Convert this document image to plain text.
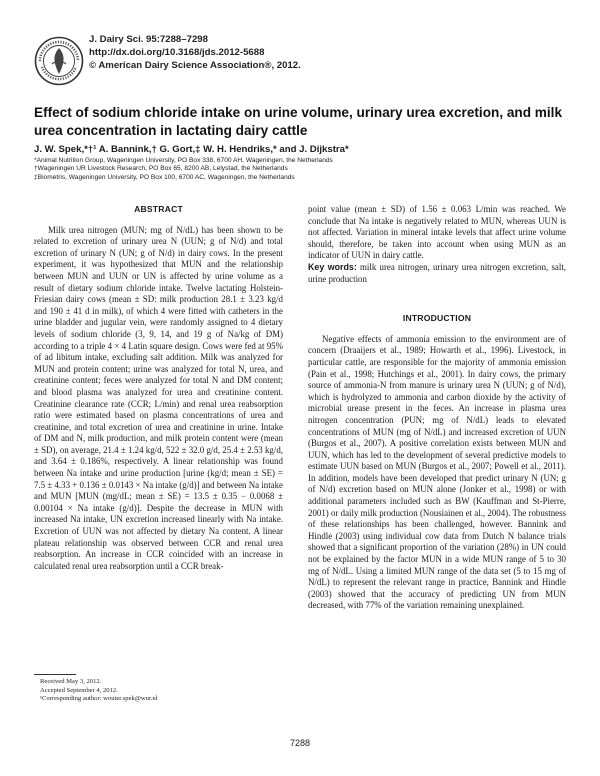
J. Dairy Sci. 95:7288–7298
http://dx.doi.org/10.3168/jds.2012-5688
© American Dairy Science Association®, 2012.
Effect of sodium chloride intake on urine volume, urinary urea excretion, and milk urea concentration in lactating dairy cattle
J. W. Spek,*†¹ A. Bannink,† G. Gort,‡ W. H. Hendriks,* and J. Dijkstra*
*Animal Nutrition Group, Wageningen University, PO Box 338, 6700 AH, Wageningen, the Netherlands
†Wageningen UR Livestock Research, PO Box 65, 8200 AB, Lelystad, the Netherlands
‡Biometris, Wageningen University, PO Box 100, 6700 AC, Wageningen, the Netherlands
ABSTRACT

Milk urea nitrogen (MUN; mg of N/dL) has been shown to be related to excretion of urinary urea N (UUN; g of N/d) and total excretion of urinary N (UN; g of N/d) in dairy cows. In the present experiment, it was hypothesized that MUN and the relationship between MUN and UUN or UN is affected by urine volume as a result of dietary sodium chloride intake. Twelve lactating Holstein-Friesian dairy cows (mean ± SD: milk production 28.1 ± 3.23 kg/d and 190 ± 41 d in milk), of which 4 were fitted with catheters in the urine bladder and jugular vein, were randomly assigned to 4 dietary levels of sodium chloride (3, 9, 14, and 19 g of Na/kg of DM) according to a triple 4 × 4 Latin square design. Cows were fed at 95% of ad libitum intake, excluding salt addition. Milk was analyzed for MUN and protein content; urine was analyzed for total N, urea, and creatinine content; feces were analyzed for total N and DM content; and blood plasma was analyzed for urea and creatinine content. Creatinine clearance rate (CCR; L/min) and renal urea reabsorption ratio were estimated based on plasma concentrations of urea and creatinine, and total excretion of urea and creatinine in urine. Intake of DM and N, milk production, and milk protein content were (mean ± SD), on average, 21.4 ± 1.24 kg/d, 522 ± 32.0 g/d, 25.4 ± 2.53 kg/d, and 3.64 ± 0.186%, respectively. A linear relationship was found between Na intake and urine production [urine (kg/d; mean ± SE) = 7.5 ± 4.33 + 0.136 ± 0.0143 × Na intake (g/d)] and between Na intake and MUN [MUN (mg/dL; mean ± SE) = 13.5 ± 0.35 − 0.0068 ± 0.00104 × Na intake (g/d)]. Despite the decrease in MUN with increased Na intake, UN excretion increased linearly with Na intake. Excretion of UUN was not affected by dietary Na content. A linear plateau relationship was observed between CCR and renal urea reabsorption. An increase in CCR coincided with an increase in calculated renal urea reabsorption until a CCR break-

point value (mean ± SD) of 1.56 ± 0.063 L/min was reached. We conclude that Na intake is negatively related to MUN, whereas UUN is not affected. Variation in mineral intake levels that affect urine volume should, therefore, be taken into account when using MUN as an indicator of UUN in dairy cattle.

Key words: milk urea nitrogen, urinary urea nitrogen excretion, salt, urine production

INTRODUCTION

Negative effects of ammonia emission to the environment are of concern (Draaijers et al., 1989; Howarth et al., 1996). Livestock, in particular cattle, are responsible for the majority of ammonia emission (Pain et al., 1998; Hutchings et al., 2001). In dairy cows, the primary source of ammonia-N from manure is urinary urea N (UUN; g of N/d), which is hydrolyzed to ammonia and carbon dioxide by the activity of microbial urease present in the feces. An increase in plasma urea nitrogen concentration (PUN; mg of N/dL) leads to elevated concentrations of MUN (mg of N/dL) and increased excretion of UUN (Burgos et al., 2007). A positive correlation exists between MUN and UUN, which has led to the development of several predictive models to estimate UUN based on MUN (Burgos et al., 2007; Powell et al., 2011). In addition, models have been developed that predict urinary N (UN; g of N/d) excretion based on MUN alone (Jonker et al., 1998) or with additional parameters included such as BW (Kauffman and St-Pierre, 2001) or daily milk production (Nousiainen et al., 2004). The robustness of these relationships has been challenged, however. Bannink and Hindle (2003) using individual cow data from Dutch N balance trials showed that a significant proportion of the variation (28%) in UN could not be explained by the factor MUN in a wide MUN range of 5 to 30 mg of N/dL. Using a limited MUN range of the data set (5 to 15 mg of N/dL) to represent the relevant range in practice, Bannink and Hindle (2003) showed that the accuracy of predicting UN from MUN decreased, with 77% of the variation remaining unexplained.

Received May 3, 2012.
Accepted September 4, 2012.
¹Corresponding author: wouter.spek@wur.nl
7288
